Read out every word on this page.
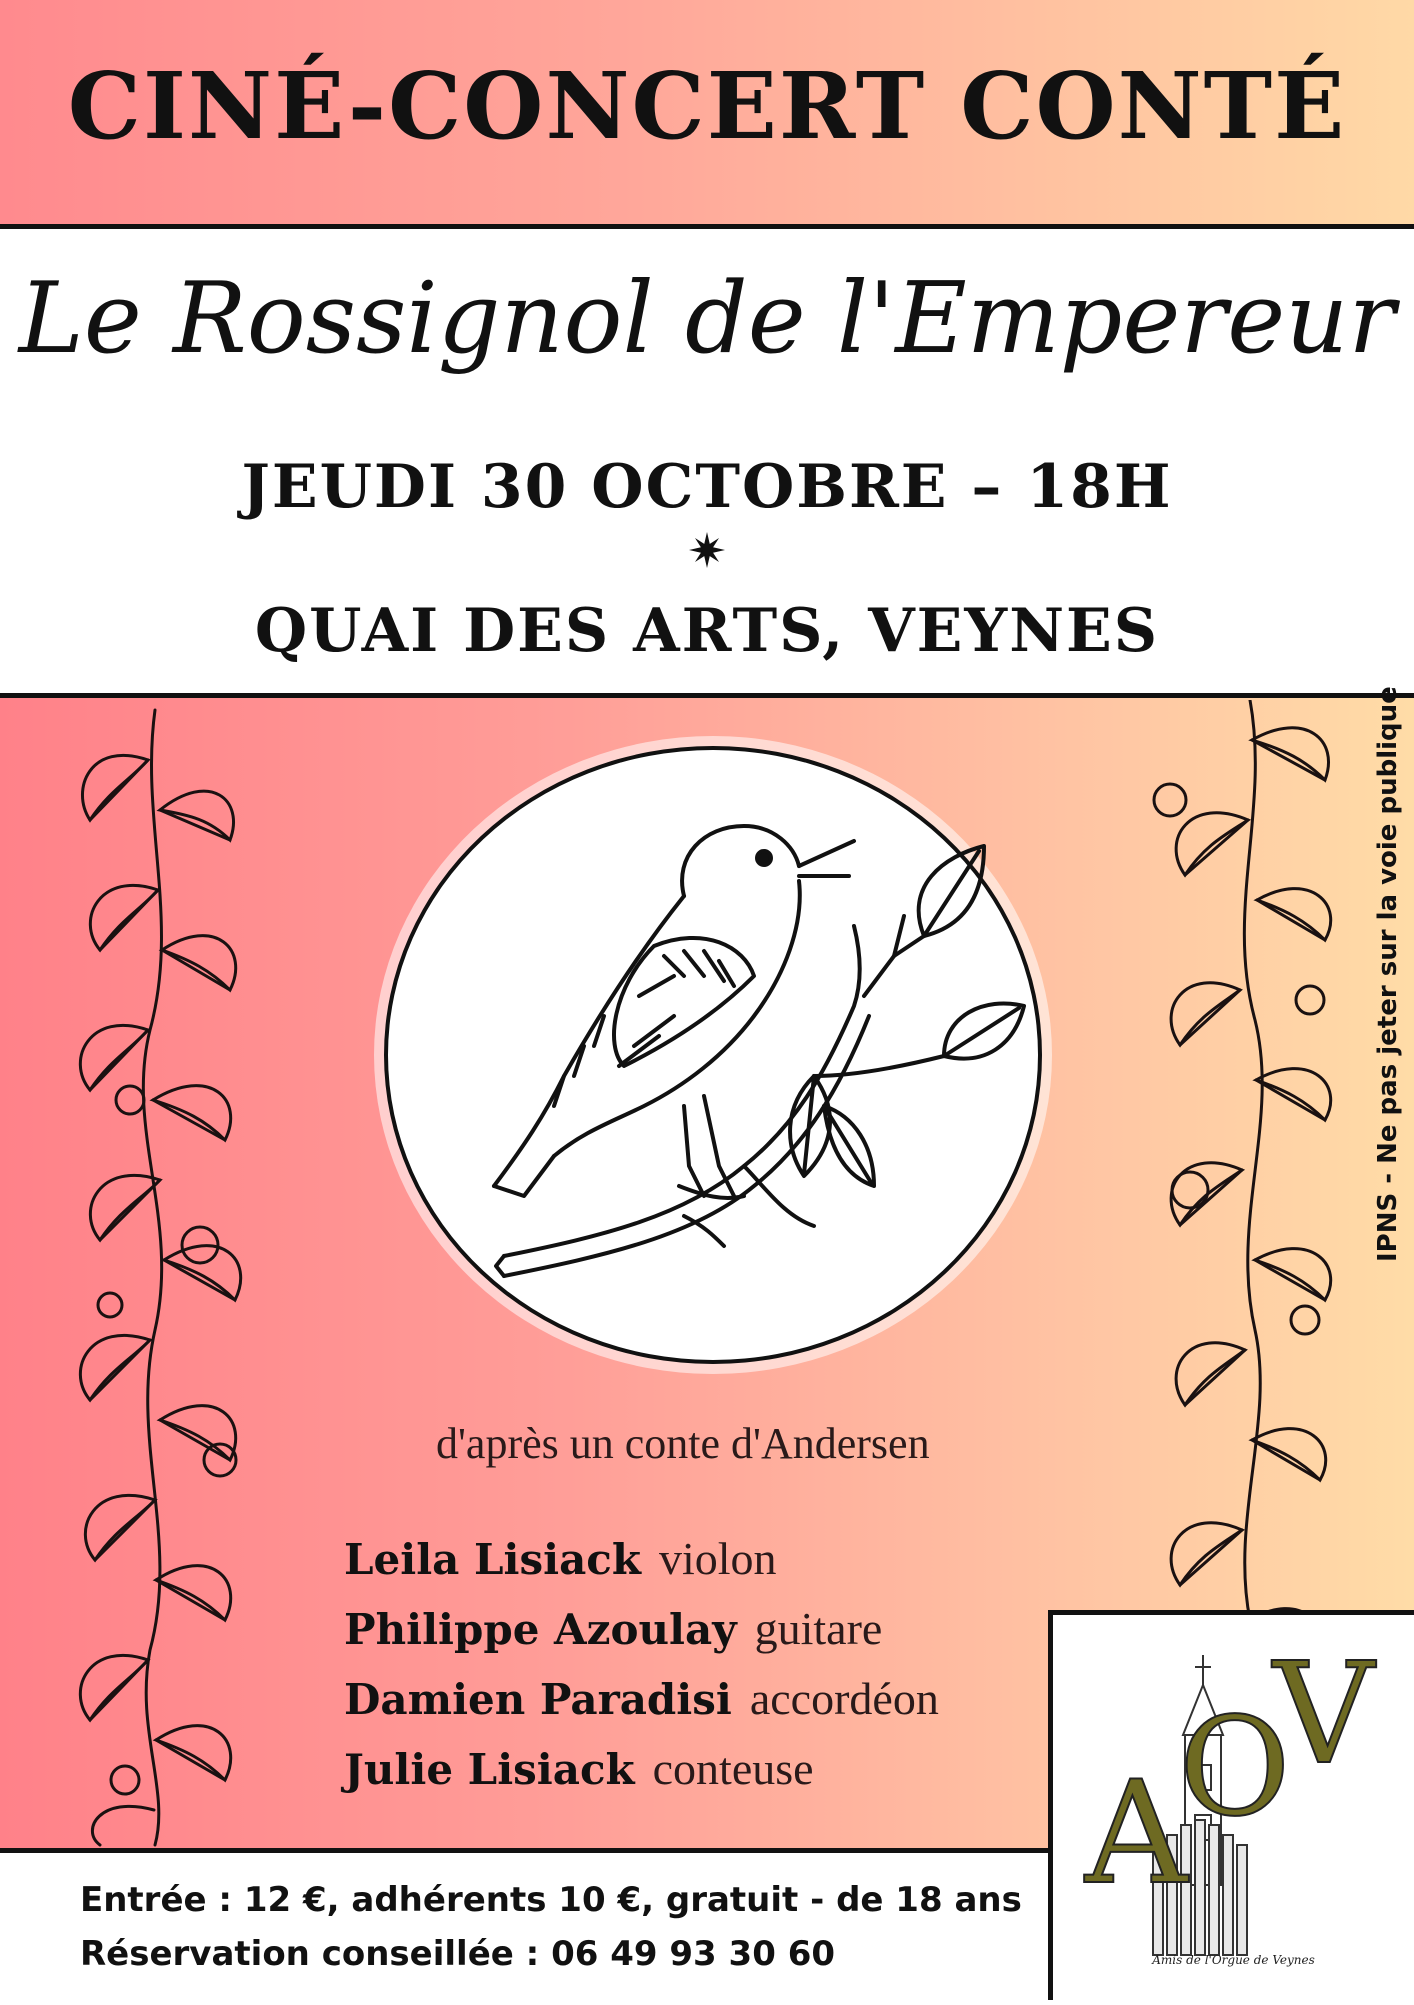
CINÉ-CONCERT CONTÉ
Le Rossignol de l'Empereur
JEUDI 30 OCTOBRE – 18H
QUAI DES ARTS, VEYNES
d'après un conte d'Andersen
Leila Lisiack violon
Philippe Azoulay guitare
Damien Paradisi accordéon
Julie Lisiack conteuse
IPNS - Ne pas jeter sur la voie publique
Entrée : 12 €, adhérents 10 €, gratuit - de 18 ans
Réservation conseillée : 06 49 93 30 60
A
O
V
Amis de l'Orgue de Veynes
